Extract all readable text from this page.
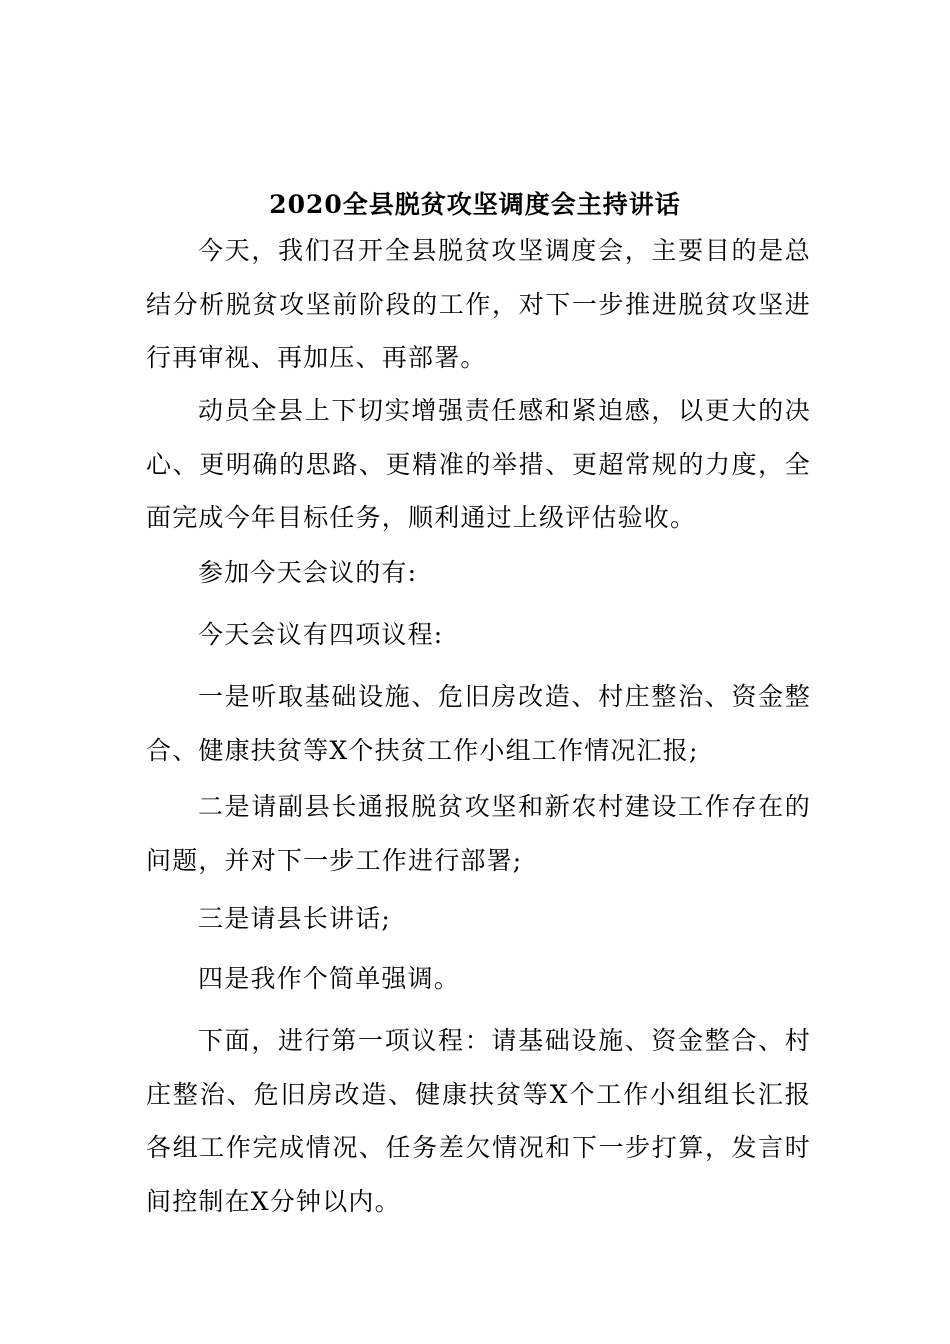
2020全县脱贫攻坚调度会主持讲话

今天，我们召开全县脱贫攻坚调度会，主要目的是总结分析脱贫攻坚前阶段的工作，对下一步推进脱贫攻坚进行再审视、再加压、再部署。

动员全县上下切实增强责任感和紧迫感，以更大的决心、更明确的思路、更精准的举措、更超常规的力度，全面完成今年目标任务，顺利通过上级评估验收。

参加今天会议的有:

今天会议有四项议程:

一是听取基础设施、危旧房改造、村庄整治、资金整合、健康扶贫等X个扶贫工作小组工作情况汇报;

二是请副县长通报脱贫攻坚和新农村建设工作存在的问题，并对下一步工作进行部署;

三是请县长讲话;

四是我作个简单强调。

下面，进行第一项议程：请基础设施、资金整合、村庄整治、危旧房改造、健康扶贫等X个工作小组组长汇报各组工作完成情况、任务差欠情况和下一步打算，发言时间控制在X分钟以内。
